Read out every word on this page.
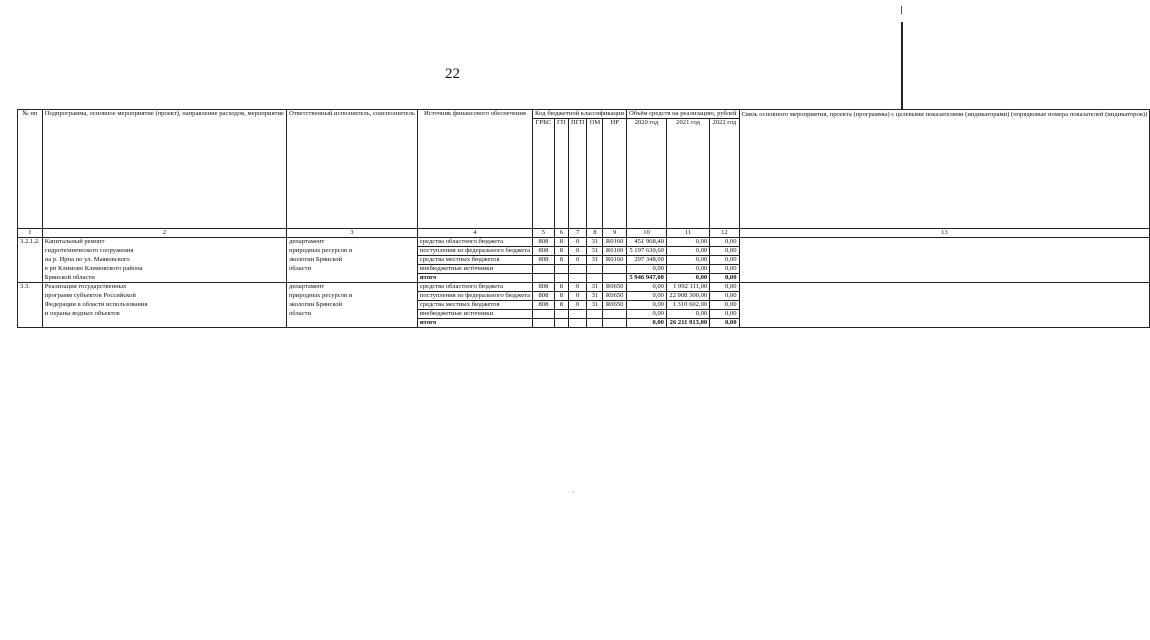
22
№ пп	Подпрограмма, основное мероприятие (проект), направление расходов, мероприятие	Ответственный исполнитель, соисполнитель	Источник финансового обеспечения	Код бюджетной классификации					Объём средств на реализацию, рублей			Связь основного мероприятия, проекта (программы) с целевыми показателями (индикаторами) (порядковые номера показателей (индикаторов))
				ГРБС	ГП	ПГП	ОМ	НР	2020 год	2021 год	2022 год	
1	2	3	4	5	6	7	8	9	10	11	12	13
3.2.1.2.	Капитальный ремонт	департамент	средства областного бюджета	808	8	0	31	R0160	451 968,40	0,00	0,00	
	гидротехнического сооружения	природных ресурсов и	поступления из федерального бюджета	808	8	0	31	R0160	5 197 630,60	0,00	0,00	
	на р. Ирпа по ул. Маяковского	экологии Брянской	средства местных бюджетов	808	8	0	31	R0160	297 348,00	0,00	0,00	
	в рп Климово Климовского района	области	внебюджетные источники						0,00	0,00	0,00	
	Брянской области		итого						5 946 947,00	0,00	0,00	
3.3.	Реализация государственных	департамент	средства областного бюджета	808	8	0	31	R0650	0,00	1 992 111,00	0,00	
	программ субъектов Российской	природных ресурсов и	поступления из федерального бюджета	808	8	0	31	R0650	0,00	22 908 300,00	0,00	
	Федерации в области использования	экологии Брянской	средства местных бюджетов	808	8	0	31	R0650	0,00	1 310 602,00	0,00	
	и охраны водных объектов	области	внебюджетные источники						0,00	0,00	0,00	
			итого						0,00	26 211 013,00	0,00	
